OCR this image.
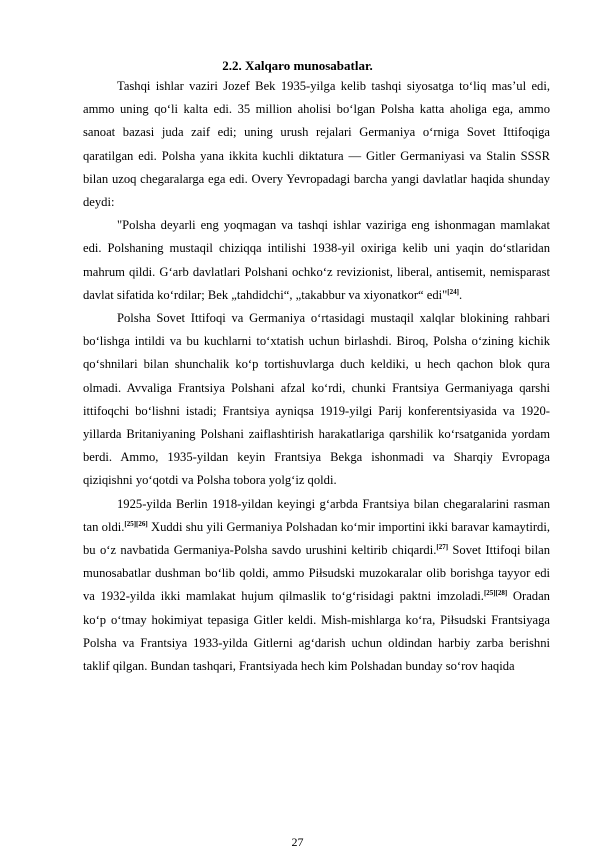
2.2. Xalqaro munosabatlar.

Tashqi ishlar vaziri Jozef Bek 1935-yilga kelib tashqi siyosatga to‘liq mas’ul edi, ammo uning qo‘li kalta edi. 35 million aholisi bo‘lgan Polsha katta aholiga ega, ammo sanoat bazasi juda zaif edi; uning urush rejalari Germaniya o‘rniga Sovet Ittifoqiga qaratilgan edi. Polsha yana ikkita kuchli diktatura — Gitler Germaniyasi va Stalin SSSR bilan uzoq chegaralarga ega edi. Overy Yevropadagi barcha yangi davlatlar haqida shunday deydi:

"Polsha deyarli eng yoqmagan va tashqi ishlar vaziriga eng ishonmagan mamlakat edi. Polshaning mustaqil chiziqqa intilishi 1938-yil oxiriga kelib uni yaqin do‘stlaridan mahrum qildi. G‘arb davlatlari Polshani ochko‘z revizionist, liberal, antisemit, nemisparast davlat sifatida ko‘rdilar; Bek „tahdidchi“, „takabbur va xiyonatkor“ edi"[24].

Polsha Sovet Ittifoqi va Germaniya o‘rtasidagi mustaqil xalqlar blokining rahbari bo‘lishga intildi va bu kuchlarni to‘xtatish uchun birlashdi. Biroq, Polsha o‘zining kichik qo‘shnilari bilan shunchalik ko‘p tortishuvlarga duch keldiki, u hech qachon blok qura olmadi. Avvaliga Frantsiya Polshani afzal ko‘rdi, chunki Frantsiya Germaniyaga qarshi ittifoqchi bo‘lishni istadi; Frantsiya ayniqsa 1919-yilgi Parij konferentsiyasida va 1920-yillarda Britaniyaning Polshani zaiflashtirish harakatlariga qarshilik ko‘rsatganida yordam berdi. Ammo, 1935-yildan keyin Frantsiya Bekga ishonmadi va Sharqiy Evropaga qiziqishni yo‘qotdi va Polsha tobora yolg‘iz qoldi.

1925-yilda Berlin 1918-yildan keyingi g‘arbda Frantsiya bilan chegaralarini rasman tan oldi.[25][26] Xuddi shu yili Germaniya Polshadan ko‘mir importini ikki baravar kamaytirdi, bu o‘z navbatida Germaniya-Polsha savdo urushini keltirib chiqardi.[27] Sovet Ittifoqi bilan munosabatlar dushman bo‘lib qoldi, ammo Piłsudski muzokaralar olib borishga tayyor edi va 1932-yilda ikki mamlakat hujum qilmaslik to‘g‘risidagi paktni imzoladi.[25][28] Oradan ko‘p o‘tmay hokimiyat tepasiga Gitler keldi. Mish-mishlarga ko‘ra, Piłsudski Frantsiyaga Polsha va Frantsiya 1933-yilda Gitlerni ag‘darish uchun oldindan harbiy zarba berishni taklif qilgan. Bundan tashqari, Frantsiyada hech kim Polshadan bunday so‘rov haqida

27
